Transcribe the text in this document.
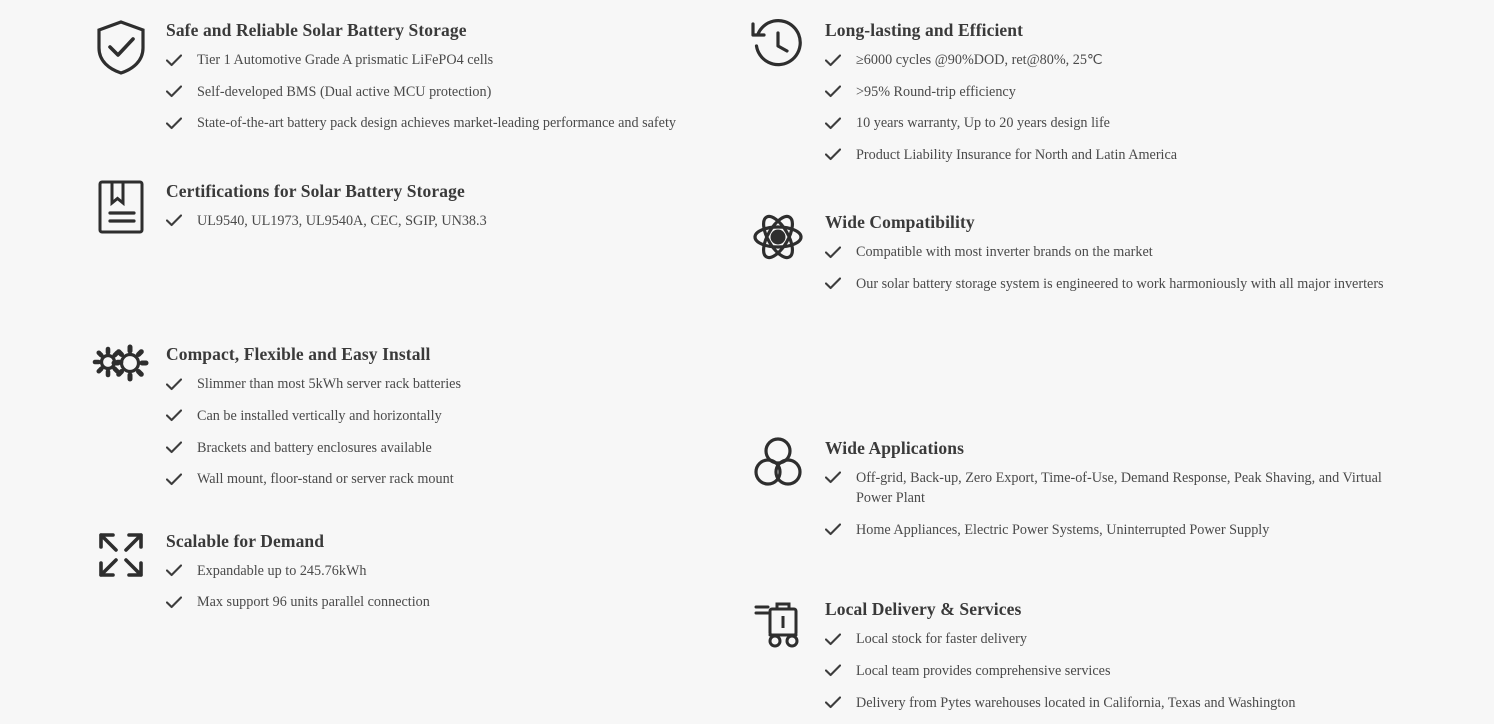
Safe and Reliable Solar Battery Storage
Tier 1 Automotive Grade A prismatic LiFePO4 cells
Self-developed BMS (Dual active MCU protection)
State-of-the-art battery pack design achieves market-leading performance and safety
Certifications for Solar Battery Storage
UL9540, UL1973, UL9540A, CEC, SGIP, UN38.3
Compact, Flexible and Easy Install
Slimmer than most 5kWh server rack batteries
Can be installed vertically and horizontally
Brackets and battery enclosures available
Wall mount, floor-stand or server rack mount
Scalable for Demand
Expandable up to 245.76kWh
Max support 96 units parallel connection
Long-lasting and Efficient
≥6000 cycles @90%DOD, ret@80%, 25℃
>95% Round-trip efficiency
10 years warranty, Up to 20 years design life
Product Liability Insurance for North and Latin America
Wide Compatibility
Compatible with most inverter brands on the market
Our solar battery storage system is engineered to work harmoniously with all major inverters
Wide Applications
Off-grid, Back-up, Zero Export, Time-of-Use, Demand Response, Peak Shaving, and Virtual Power Plant
Home Appliances, Electric Power Systems, Uninterrupted Power Supply
Local Delivery & Services
Local stock for faster delivery
Local team provides comprehensive services
Delivery from Pytes warehouses located in California, Texas and Washington
